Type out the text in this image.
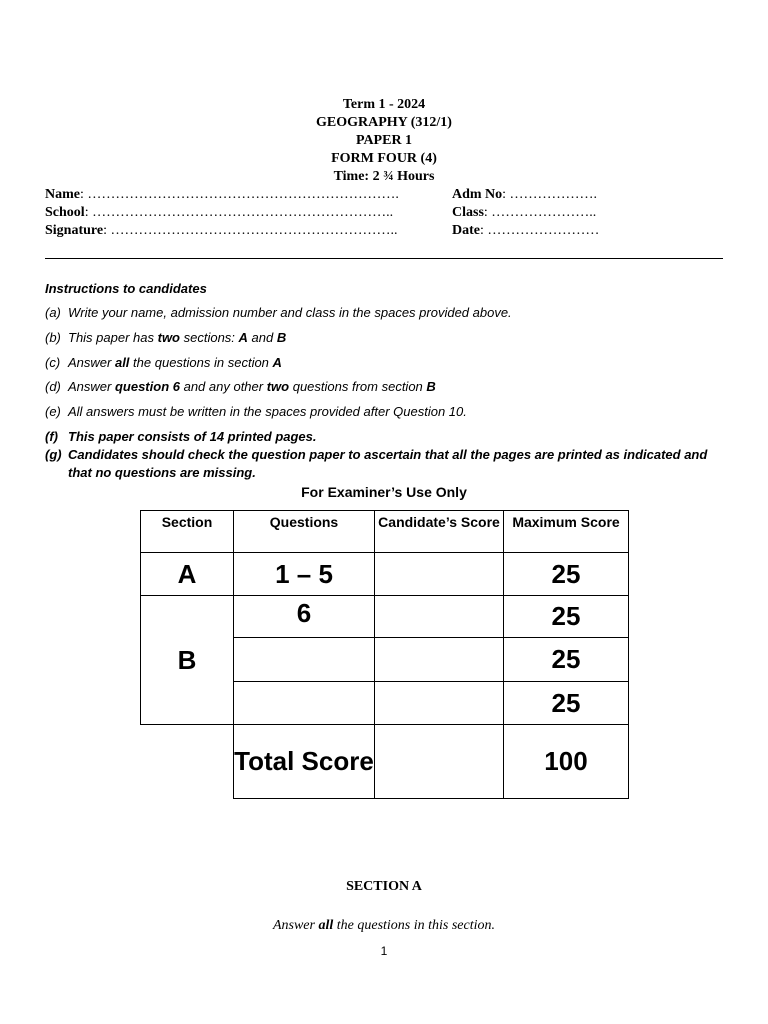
Term 1 - 2024
GEOGRAPHY (312/1)
PAPER 1
FORM FOUR (4)
Time: 2 ¾ Hours
Name: ………………………………………………………….	Adm No: ……………….
School: ………………………………………………………..	Class: …………………..
Signature: ……………………………………………………..	Date: ……………………
Instructions to candidates
(a) Write your name, admission number and class in the spaces provided above.
(b) This paper has two sections: A and B
(c) Answer all the questions in section A
(d) Answer question 6 and any other two questions from section B
(e) All answers must be written in the spaces provided after Question 10.
(f) This paper consists of 14 printed pages.
(g) Candidates should check the question paper to ascertain that all the pages are printed as indicated and that no questions are missing.
For Examiner’s Use Only
Section	Questions	Candidate’s Score	Maximum Score
A	1 – 5		25
B	6		25
			25
			25
	Total Score		100
SECTION A
Answer all the questions in this section.
1
